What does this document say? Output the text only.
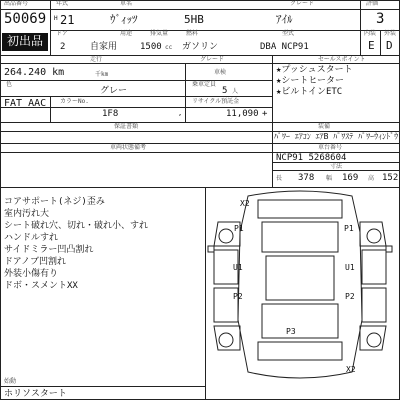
出品番号
50069
初出品
年式
H 21
車名
ｳﾞｨｯﾂ	5HB
グレード
ｱｲﾙ
評価
3
ドア	用途	排気量	燃料	型式	内装 外装
2	自家用	1500 cc ガソリン	DBA NCP91	E D
走行	グレード	セールスポイント
264.240 km	千km	車検
色
グレー
乗車定員
5 人
FAT AAC カラーNo.	リサイクル預託金
1F8	,	11,090 +
保証書類	装備
ﾊﾟﾜｰ ｴｱｺﾝ ｴｱB ﾊﾟﾜｽﾃ ﾊﾟﾜｰｳｨﾝﾄﾞｳ
★プッシュスタート
★シートヒーター
★ビルトインETC
車両状態備考	車台番号
NCP91 5268604
寸法
長 378 幅 169 高 152
コアサポート(ネジ)歪み
室内汚れ大
シート破れ穴、切れ・破れ小、すれ
ハンドルすれ
サイドミラー凹凸割れ
ドアノブ凹割れ
外装小傷有り
ドボ・スメントXX
始動
ホリソスタート
X2
P1	P1
U1
P2	P2
P3
U1
X2
